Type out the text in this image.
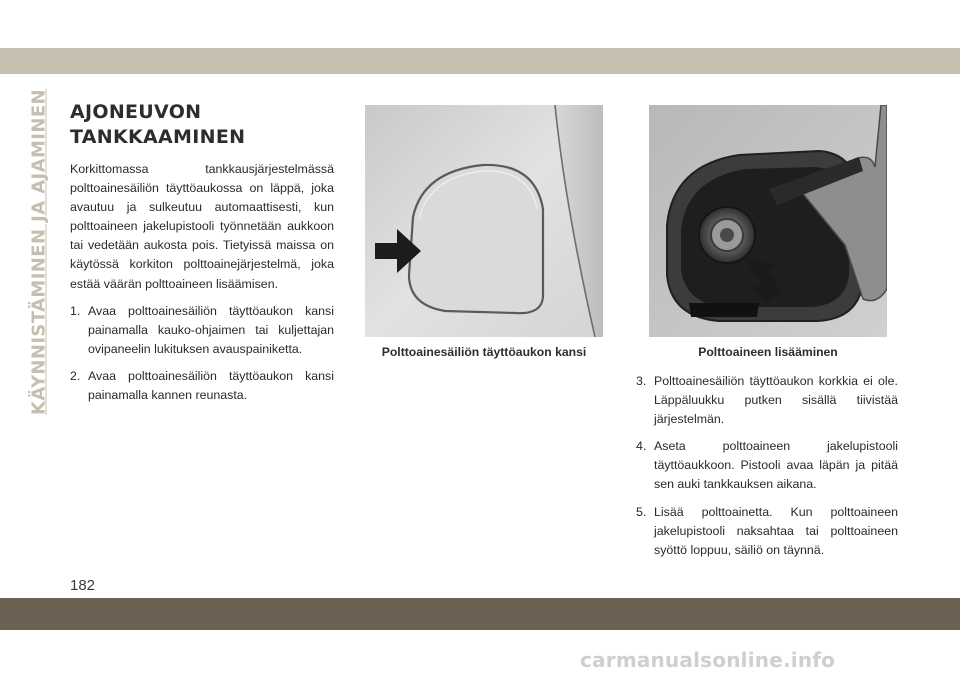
KÄYNNISTÄMINEN JA AJAMINEN AJONEUVON
TANKKAAMINEN

Korkittomassa tankkausjärjestelmässä polttoainesäiliön täyttöaukossa on läppä, joka avautuu ja sulkeutuu automaattisesti, kun polttoaineen jakelupistooli työnnetään aukkoon tai vedetään aukosta pois. Tietyissä maissa on käytössä korkiton polttoainejärjestelmä, joka estää väärän polttoaineen lisäämisen.

1. Avaa polttoainesäiliön täyttöaukon kansi painamalla kauko-ohjaimen tai kuljettajan ovipaneelin lukituksen avauspainiketta.
2. Avaa polttoainesäiliön täyttöaukon kansi painamalla kannen reunasta.
Polttoainesäiliön täyttöaukon kansi	Polttoaineen lisääminen
3. Polttoainesäiliön täyttöaukon korkkia ei ole. Läppäluukku putken sisällä tiivistää järjestelmän.
4. Aseta polttoaineen jakelupistooli täyttöaukkoon. Pistooli avaa läpän ja pitää sen auki tankkauksen aikana.
5. Lisää polttoainetta. Kun polttoaineen jakelupistooli naksahtaa tai polttoaineen syöttö loppuu, säiliö on täynnä.
182
carmanualsonline.info
